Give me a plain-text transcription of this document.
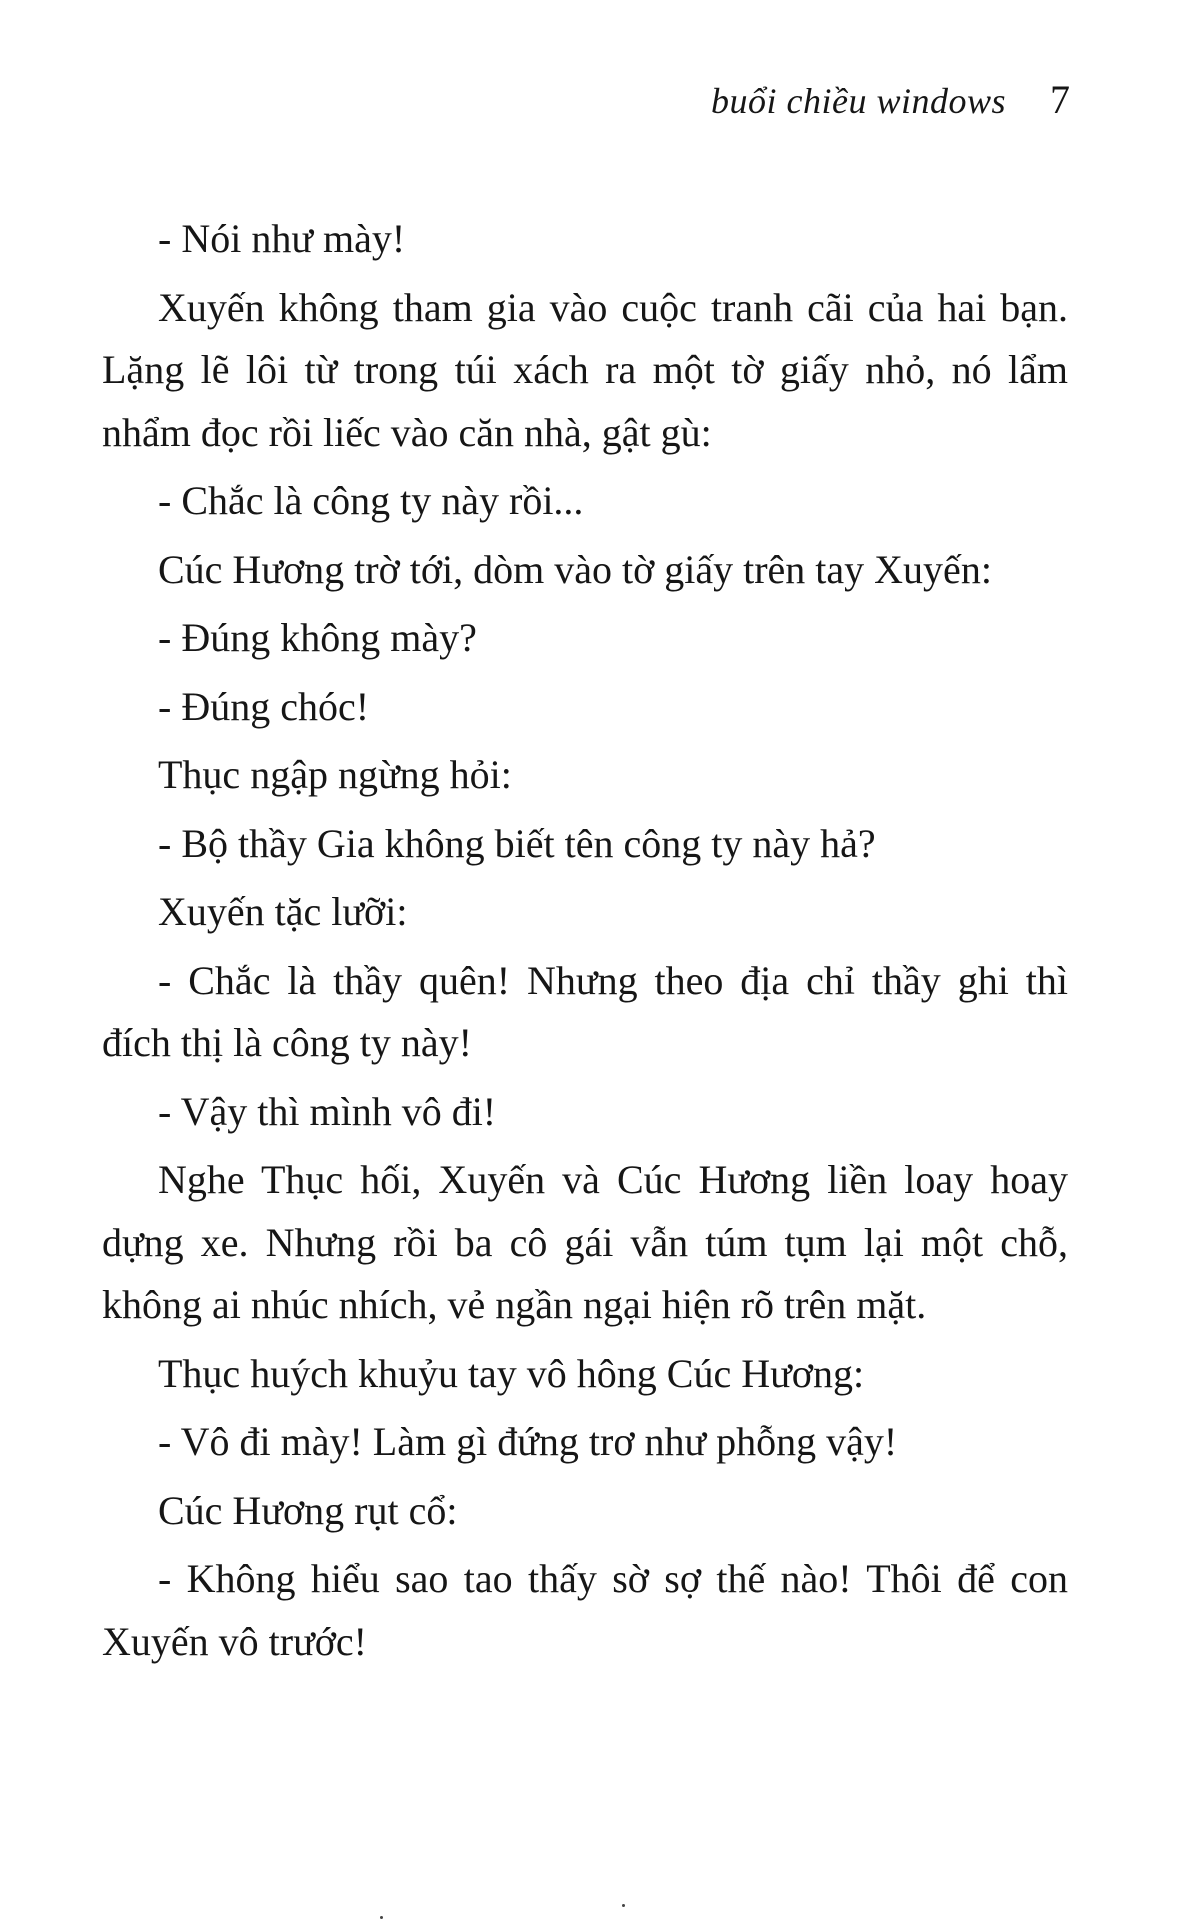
buổi chiều windows 7

- Nói như mày!

Xuyến không tham gia vào cuộc tranh cãi của hai bạn. Lặng lẽ lôi từ trong túi xách ra một tờ giấy nhỏ, nó lẩm nhẩm đọc rồi liếc vào căn nhà, gật gù:

- Chắc là công ty này rồi...

Cúc Hương trờ tới, dòm vào tờ giấy trên tay Xuyến:

- Đúng không mày?

- Đúng chóc!

Thục ngập ngừng hỏi:

- Bộ thầy Gia không biết tên công ty này hả?

Xuyến tặc lưỡi:

- Chắc là thầy quên! Nhưng theo địa chỉ thầy ghi thì đích thị là công ty này!

- Vậy thì mình vô đi!

Nghe Thục hối, Xuyến và Cúc Hương liền loay hoay dựng xe. Nhưng rồi ba cô gái vẫn túm tụm lại một chỗ, không ai nhúc nhích, vẻ ngần ngại hiện rõ trên mặt.

Thục huých khuỷu tay vô hông Cúc Hương:

- Vô đi mày! Làm gì đứng trơ như phỗng vậy!

Cúc Hương rụt cổ:

- Không hiểu sao tao thấy sờ sợ thế nào! Thôi để con Xuyến vô trước!
